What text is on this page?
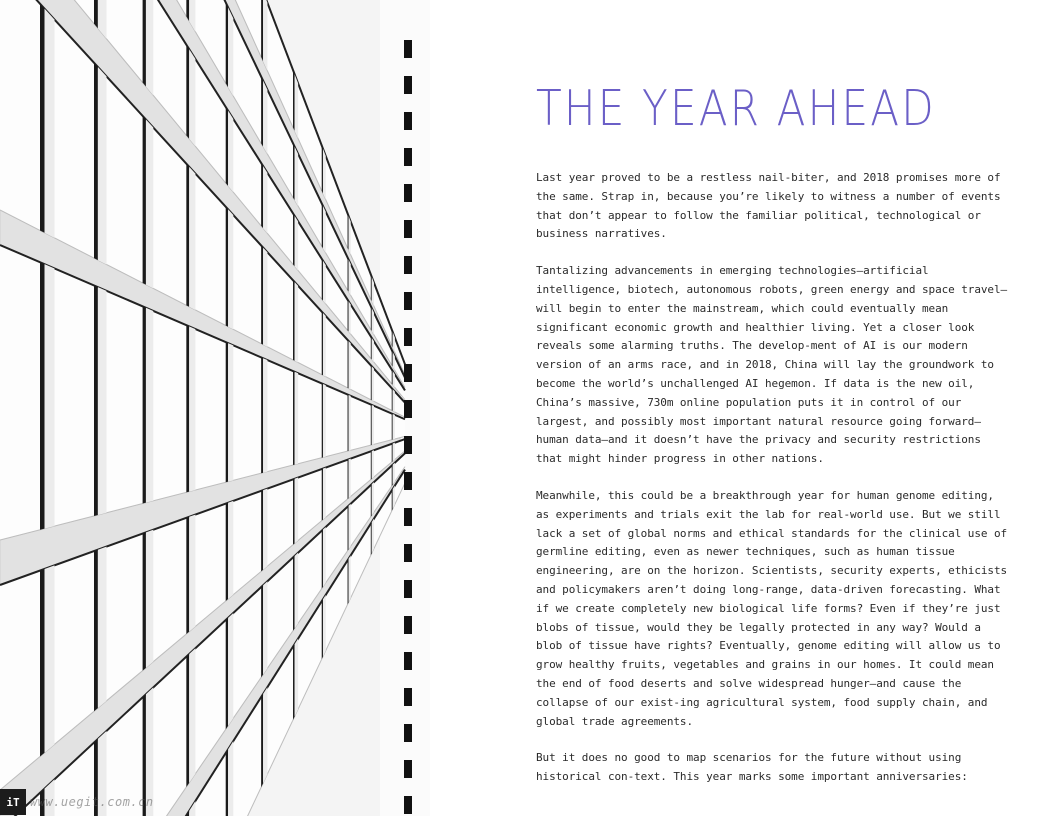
iT www.uegit.com.cn
THE YEAR AHEAD

Last year proved to be a restless nail-biter, and 2018 promises more of the same. Strap in, because you’re likely to witness a number of events that don’t appear to follow the familiar political, technological or business narratives.

Tantalizing advancements in emerging technologies—artificial intelligence, biotech, autonomous robots, green energy and space travel—will begin to enter the mainstream, which could eventually mean significant economic growth and healthier living. Yet a closer look reveals some alarming truths. The develop-ment of AI is our modern version of an arms race, and in 2018, China will lay the groundwork to become the world’s unchallenged AI hegemon. If data is the new oil, China’s massive, 730m online population puts it in control of our largest, and possibly most important natural resource going forward—human data—and it doesn’t have the privacy and security restrictions that might hinder progress in other nations.

Meanwhile, this could be a breakthrough year for human genome editing, as experiments and trials exit the lab for real-world use. But we still lack a set of global norms and ethical standards for the clinical use of germline editing, even as newer techniques, such as human tissue engineering, are on the horizon. Scientists, security experts, ethicists and policymakers aren’t doing long-range, data-driven forecasting. What if we create completely new biological life forms? Even if they’re just blobs of tissue, would they be legally protected in any way? Would a blob of tissue have rights? Eventually, genome editing will allow us to grow healthy fruits, vegetables and grains in our homes. It could mean the end of food deserts and solve widespread hunger—and cause the collapse of our exist-ing agricultural system, food supply chain, and global trade agreements.

But it does no good to map scenarios for the future without using historical con-text. This year marks some important anniversaries:
